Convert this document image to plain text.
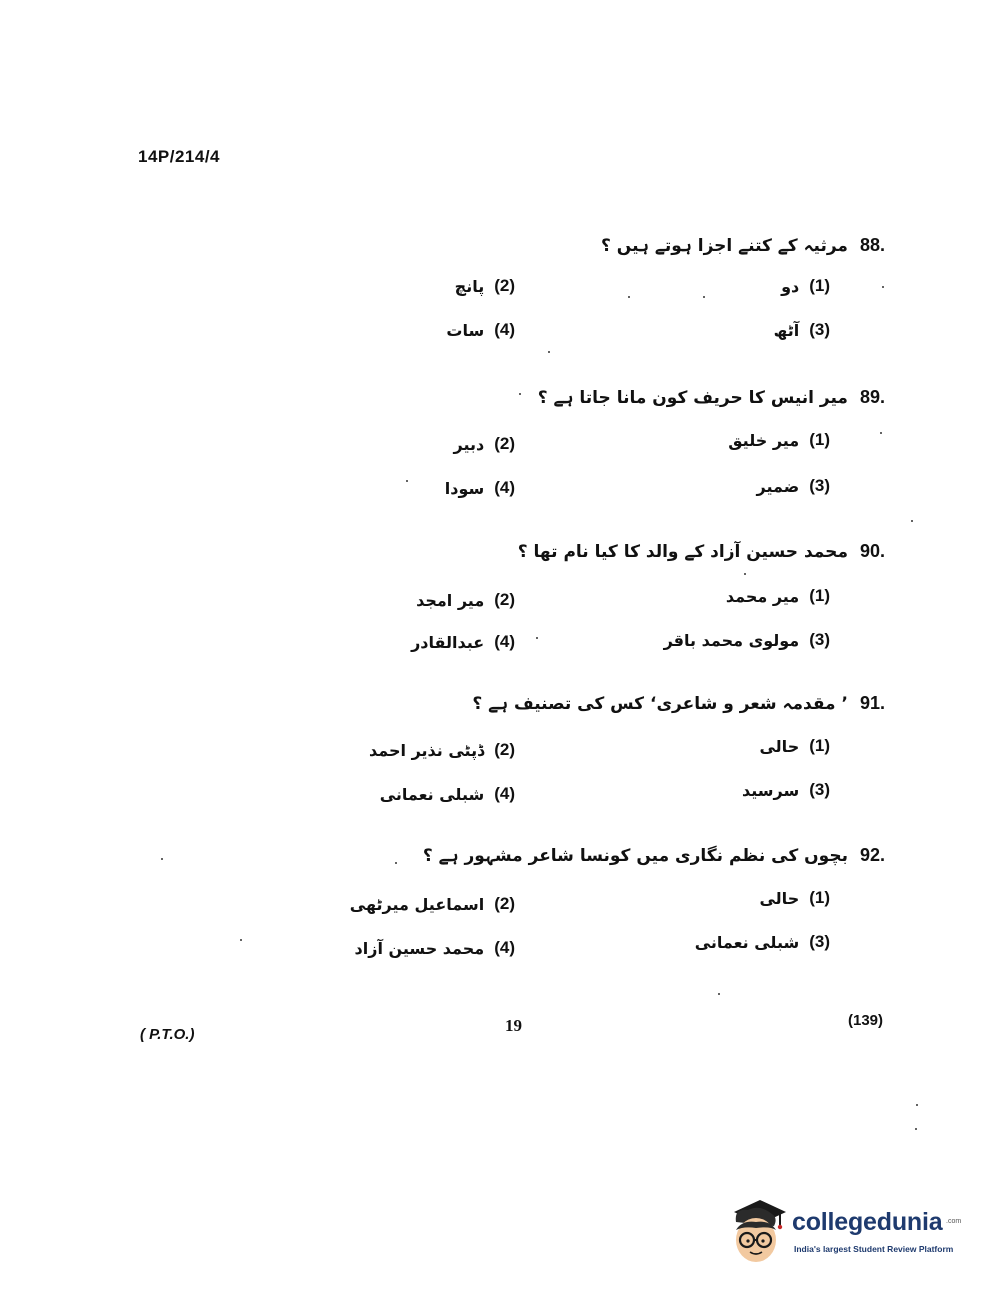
14P/214/4
88.
مرثیہ کے کتنے اجزا ہوتے ہیں ؟
(1)
دو
(2)
پانچ
(3)
آٹھ
(4)
سات
89.
میر انیس کا حریف کون مانا جاتا ہے ؟
(1)
میر خلیق
(2)
دبیر
(3)
ضمیر
(4)
سودا
90.
محمد حسین آزاد کے والد کا کیا نام تھا ؟
(1)
میر محمد
(2)
میر امجد
(3)
مولوی محمد باقر
(4)
عبدالقادر
91.
’ مقدمہ شعر و شاعری‘ کس کی تصنیف ہے ؟
(1)
حالی
(2)
ڈپٹی نذیر احمد
(3)
سرسید
(4)
شبلی نعمانی
92.
بچوں کی نظم نگاری میں کونسا شاعر مشہور ہے ؟
(1)
حالی
(2)
اسماعیل میرٹھی
(3)
شبلی نعمانی
(4)
محمد حسین آزاد
( P.T.O.)	19	(139)
collegedunia .com
India's largest Student Review Platform
